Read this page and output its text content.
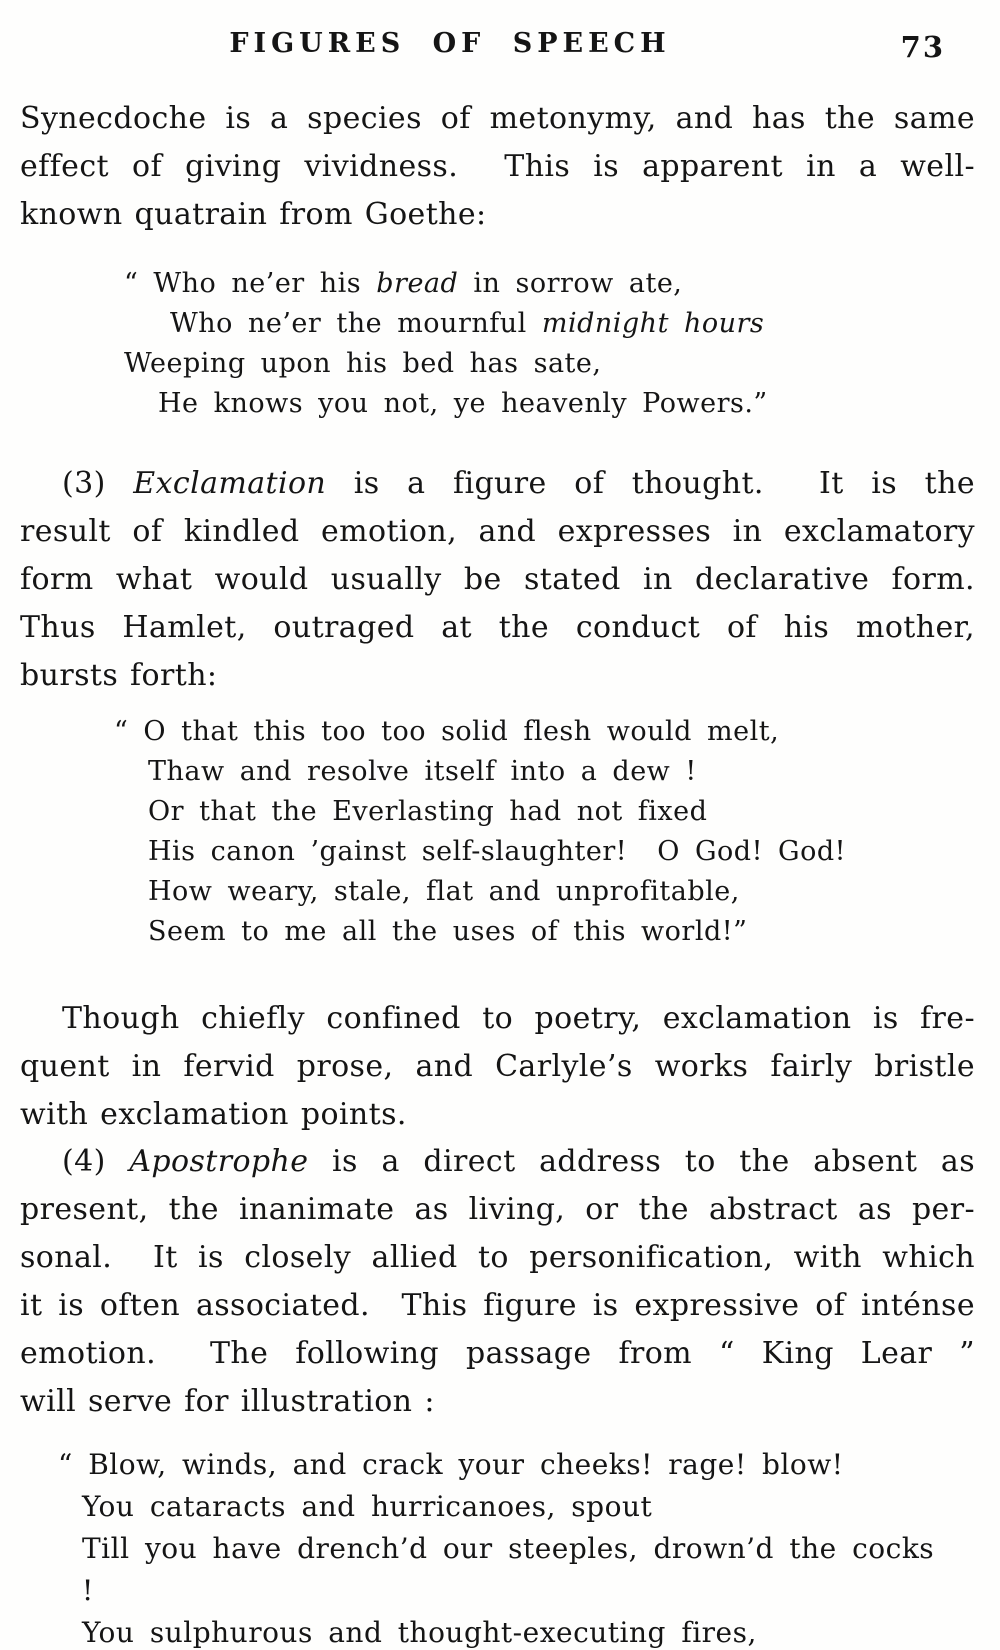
FIGURES OF SPEECH	73
Synecdoche is a species of metonymy, and has the same
effect of giving vividness.  This is apparent in a well-
known quatrain from Goethe:
“ Who ne’er his bread in sorrow ate,
Who ne’er the mournful midnight hours
Weeping upon his bed has sate,
He knows you not, ye heavenly Powers.”
(3) Exclamation is a figure of thought.  It is the
result of kindled emotion, and expresses in exclamatory
form what would usually be stated in declarative form.
Thus Hamlet, outraged at the conduct of his mother,
bursts forth:
“ O that this too too solid flesh would melt,
Thaw and resolve itself into a dew !
Or that the Everlasting had not fixed
His canon ’gainst self-slaughter!  O God! God!
How weary, stale, flat and unprofitable,
Seem to me all the uses of this world!”
Though chiefly confined to poetry, exclamation is fre-
quent in fervid prose, and Carlyle’s works fairly bristle
with exclamation points.
(4) Apostrophe is a direct address to the absent as
present, the inanimate as living, or the abstract as per-
sonal.  It is closely allied to personification, with which
it is often associated.  This figure is expressive of inténse
emotion.  The following passage from “ King Lear ”
will serve for illustration :
“ Blow, winds, and crack your cheeks! rage! blow!
You cataracts and hurricanoes, spout
Till you have drench’d our steeples, drown’d the cocks !
You sulphurous and thought-executing fires,
